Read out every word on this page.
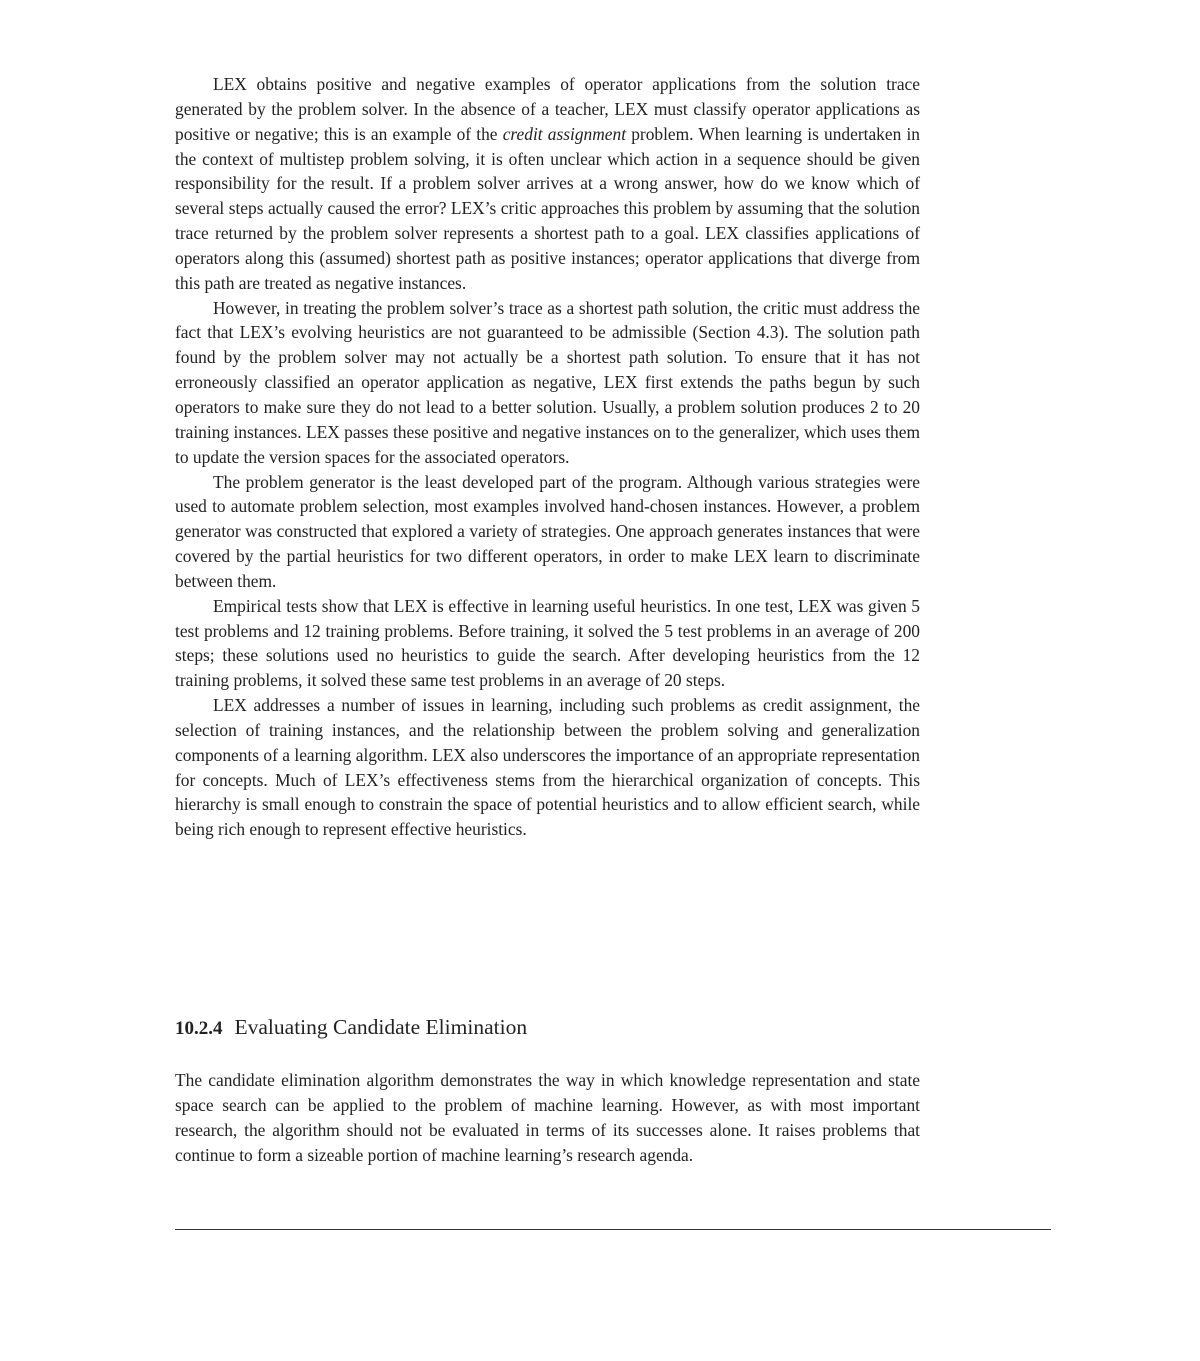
LEX obtains positive and negative examples of operator applications from the solution trace generated by the problem solver. In the absence of a teacher, LEX must classify operator applications as positive or negative; this is an example of the credit assignment problem. When learning is undertaken in the context of multistep problem solving, it is often unclear which action in a sequence should be given responsibility for the result. If a problem solver arrives at a wrong answer, how do we know which of several steps actually caused the error? LEX’s critic approaches this problem by assuming that the solution trace returned by the problem solver represents a shortest path to a goal. LEX classifies applications of operators along this (assumed) shortest path as positive instances; operator applications that diverge from this path are treated as negative instances.

However, in treating the problem solver’s trace as a shortest path solution, the critic must address the fact that LEX’s evolving heuristics are not guaranteed to be admissible (Section 4.3). The solution path found by the problem solver may not actually be a shortest path solution. To ensure that it has not erroneously classified an operator application as negative, LEX first extends the paths begun by such operators to make sure they do not lead to a better solution. Usually, a problem solution produces 2 to 20 training instances. LEX passes these positive and negative instances on to the generalizer, which uses them to update the version spaces for the associated operators.

The problem generator is the least developed part of the program. Although various strategies were used to automate problem selection, most examples involved hand-chosen instances. However, a problem generator was constructed that explored a variety of strategies. One approach generates instances that were covered by the partial heuristics for two different operators, in order to make LEX learn to discriminate between them.

Empirical tests show that LEX is effective in learning useful heuristics. In one test, LEX was given 5 test problems and 12 training problems. Before training, it solved the 5 test problems in an average of 200 steps; these solutions used no heuristics to guide the search. After developing heuristics from the 12 training problems, it solved these same test problems in an average of 20 steps.

LEX addresses a number of issues in learning, including such problems as credit assignment, the selection of training instances, and the relationship between the problem solving and generalization components of a learning algorithm. LEX also underscores the importance of an appropriate representation for concepts. Much of LEX’s effectiveness stems from the hierarchical organization of concepts. This hierarchy is small enough to constrain the space of potential heuristics and to allow efficient search, while being rich enough to represent effective heuristics.

10.2.4 Evaluating Candidate Elimination

The candidate elimination algorithm demonstrates the way in which knowledge representation and state space search can be applied to the problem of machine learning. However, as with most important research, the algorithm should not be evaluated in terms of its successes alone. It raises problems that continue to form a sizeable portion of machine learning’s research agenda.
